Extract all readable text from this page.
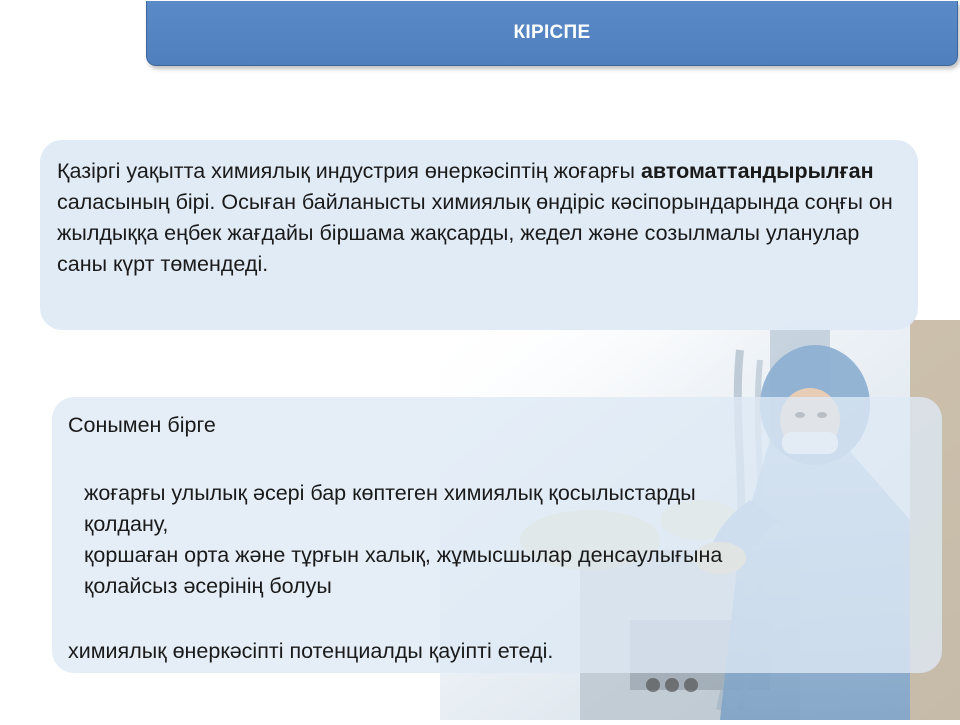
КІРІСПЕ
Қазіргі уақытта химиялық индустрия өнеркәсіптің жоғарғы автоматтандырылған саласының бірі. Осыған байланысты химиялық өндіріс кәсіпорындарында соңғы он жылдыққа еңбек жағдайы біршама жақсарды, жедел және созылмалы уланулар саны күрт төмендеді.
Сонымен бірге
жоғарғы улылық әсері бар көптеген химиялық қосылыстарды
қолдану,
қоршаған орта және тұрғын халық, жұмысшылар денсаулығына
қолайсыз әсерінің болуы
химиялық өнеркәсіпті потенциалды қауіпті етеді.
